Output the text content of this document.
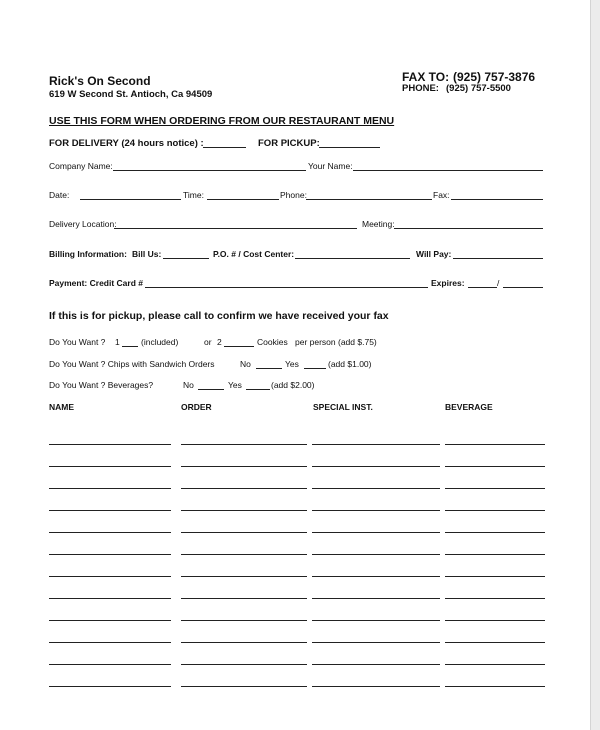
Rick's On Second
619 W Second St. Antioch, Ca 94509
FAX TO: (925) 757-3876
PHONE: (925) 757-5500
USE THIS FORM WHEN ORDERING FROM OUR RESTAURANT MENU
FOR DELIVERY (24 hours notice) :	FOR PICKUP:
Company Name:	Your Name:
Date:	Time:	Phone:	Fax:
Delivery Location:	Meeting:
Billing Information: Bill Us:	P.O. # / Cost Center:	Will Pay:
Payment: Credit Card #	Expires:	/
If this is for pickup, please call to confirm we have received your fax
Do You Want ? 1	(included)	or 2	Cookies per person (add $.75)
Do You Want ? Chips with Sandwich Orders	No	Yes	(add $1.00)
Do You Want ? Beverages?	No	Yes	(add $2.00)
NAME	ORDER	SPECIAL INST.	BEVERAGE
